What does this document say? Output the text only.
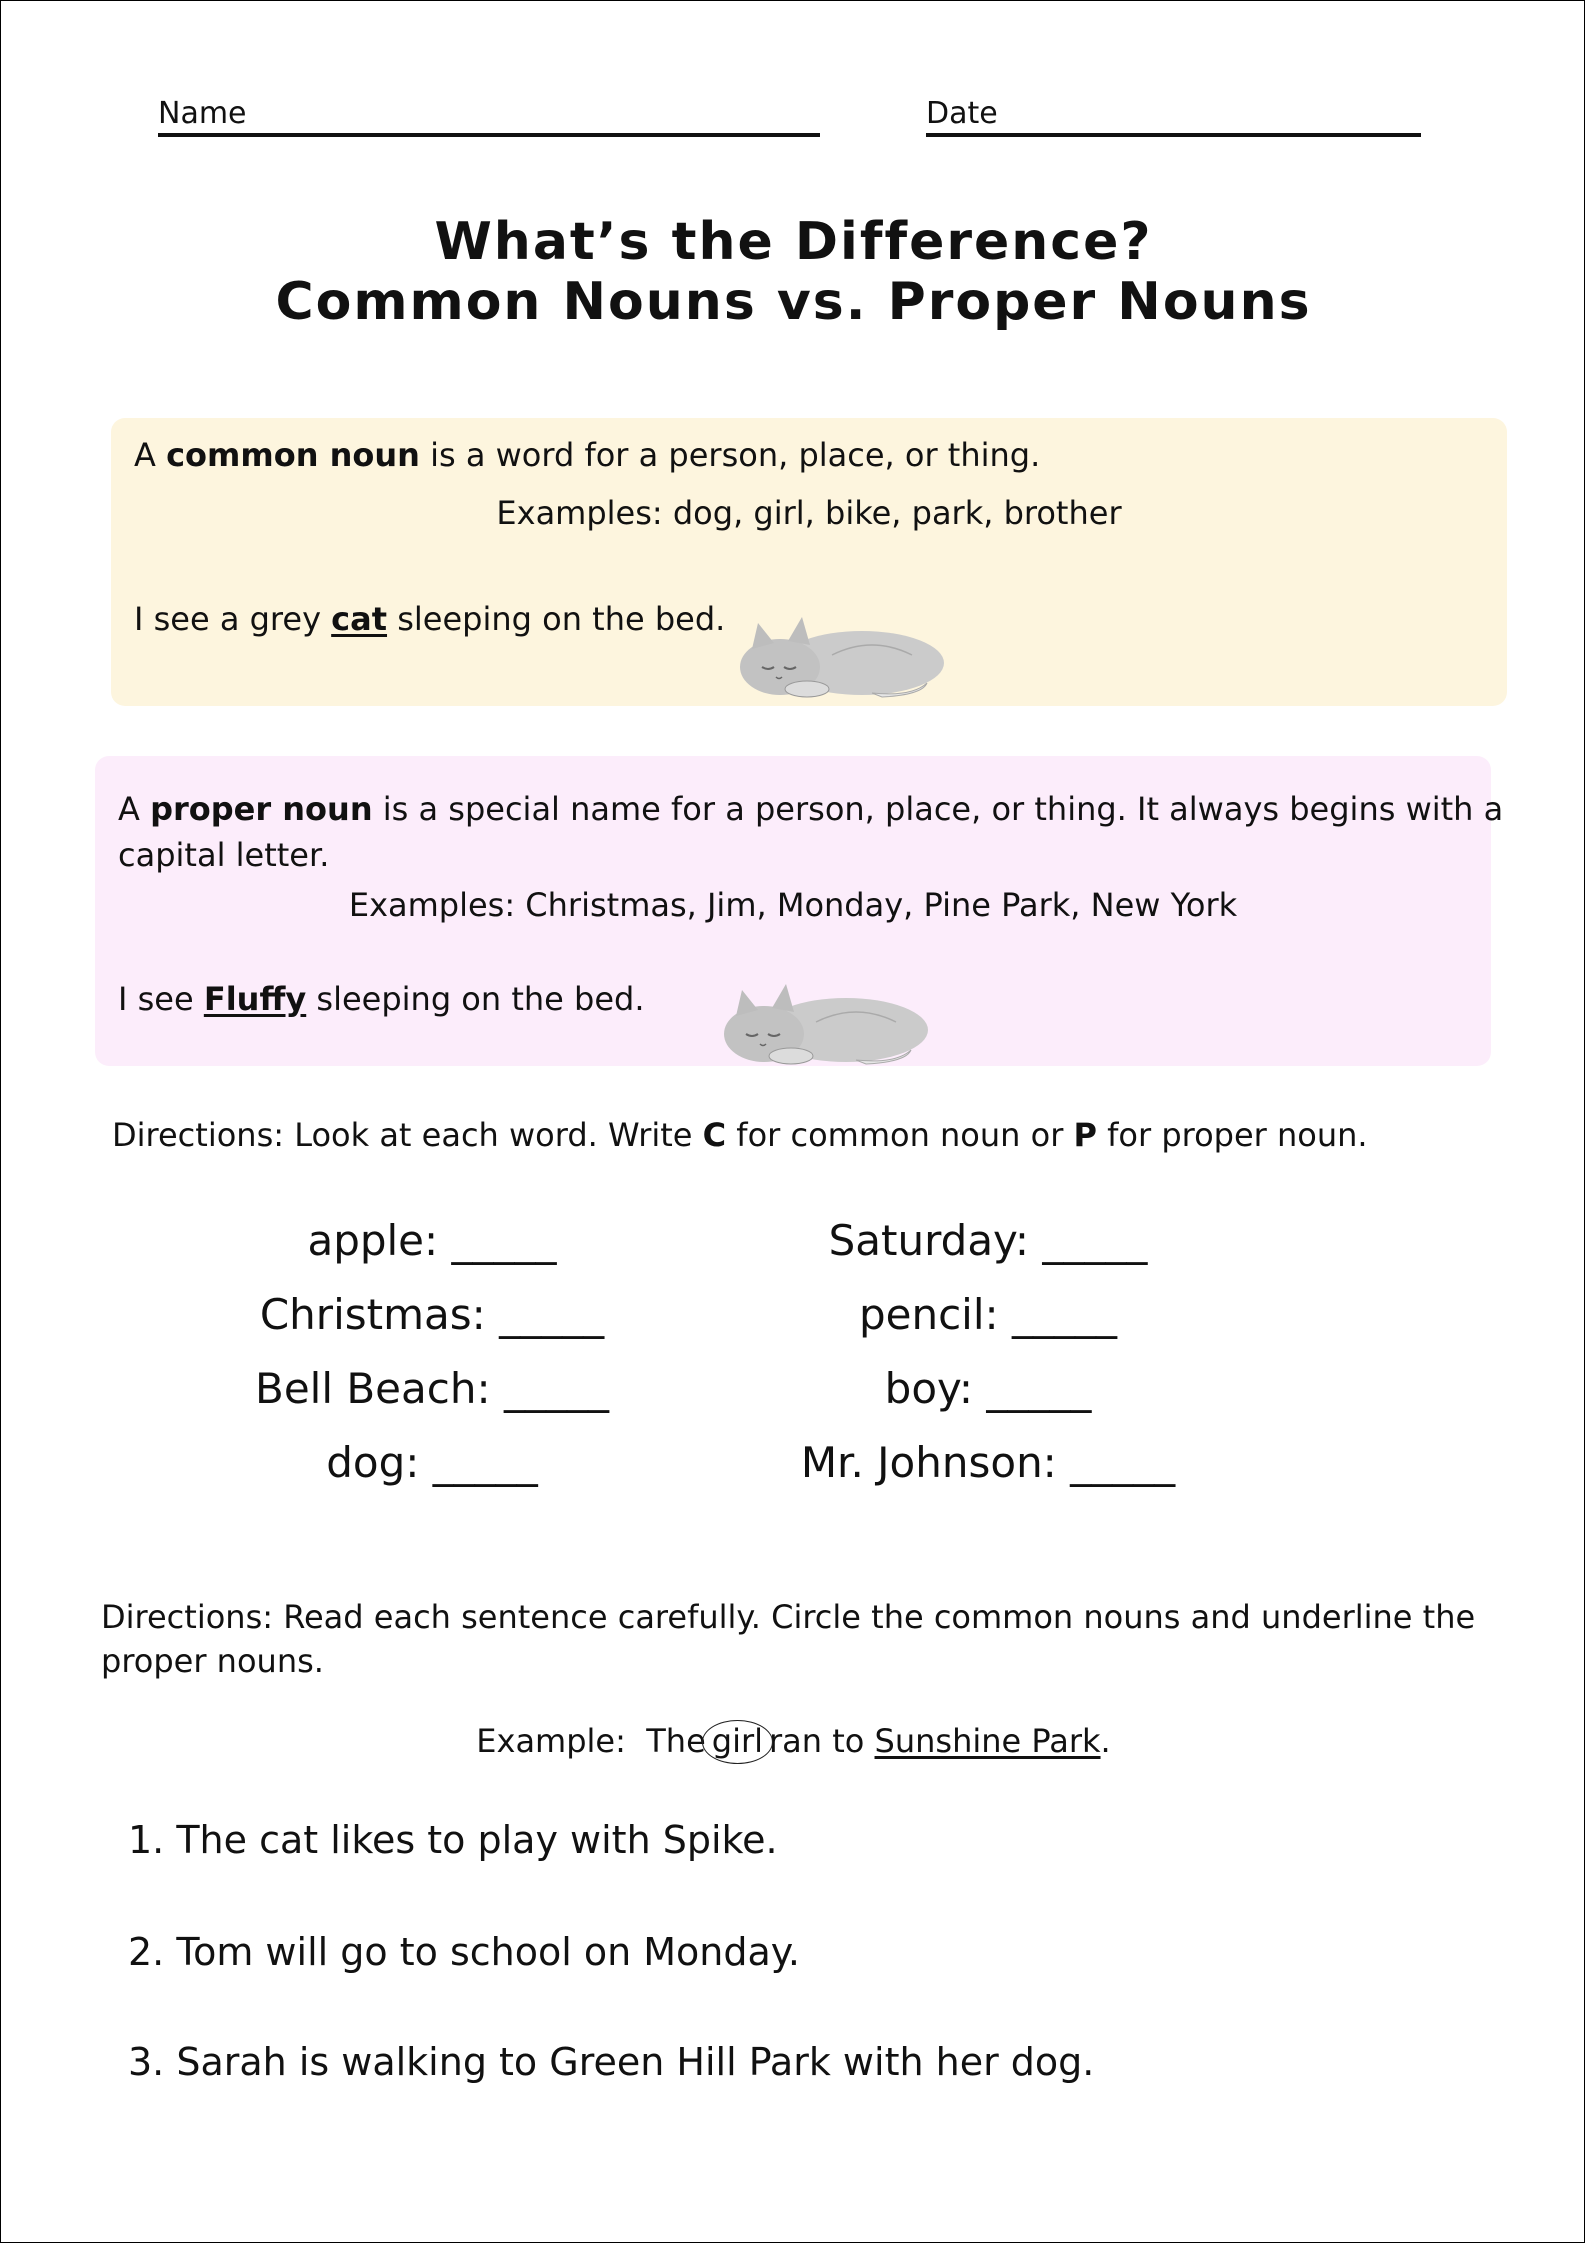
Name	Date
What’s the Difference?
Common Nouns vs. Proper Nouns
A common noun is a word for a person, place, or thing.
Examples: dog, girl, bike, park, brother
I see a grey cat sleeping on the bed.
A proper noun is a special name for a person, place, or thing. It always begins with a
capital letter.
Examples: Christmas, Jim, Monday, Pine Park, New York
I see Fluffy sleeping on the bed.
Directions: Look at each word. Write C for common noun or P for proper noun.
apple: _____
Christmas: _____
Bell Beach: _____
dog: _____
Saturday: _____
pencil: _____
boy: _____
Mr. Johnson: _____
Directions: Read each sentence carefully. Circle the common nouns and underline the
proper nouns.
Example: The girl ran to Sunshine Park.
1. The cat likes to play with Spike.
2. Tom will go to school on Monday.
3. Sarah is walking to Green Hill Park with her dog.
